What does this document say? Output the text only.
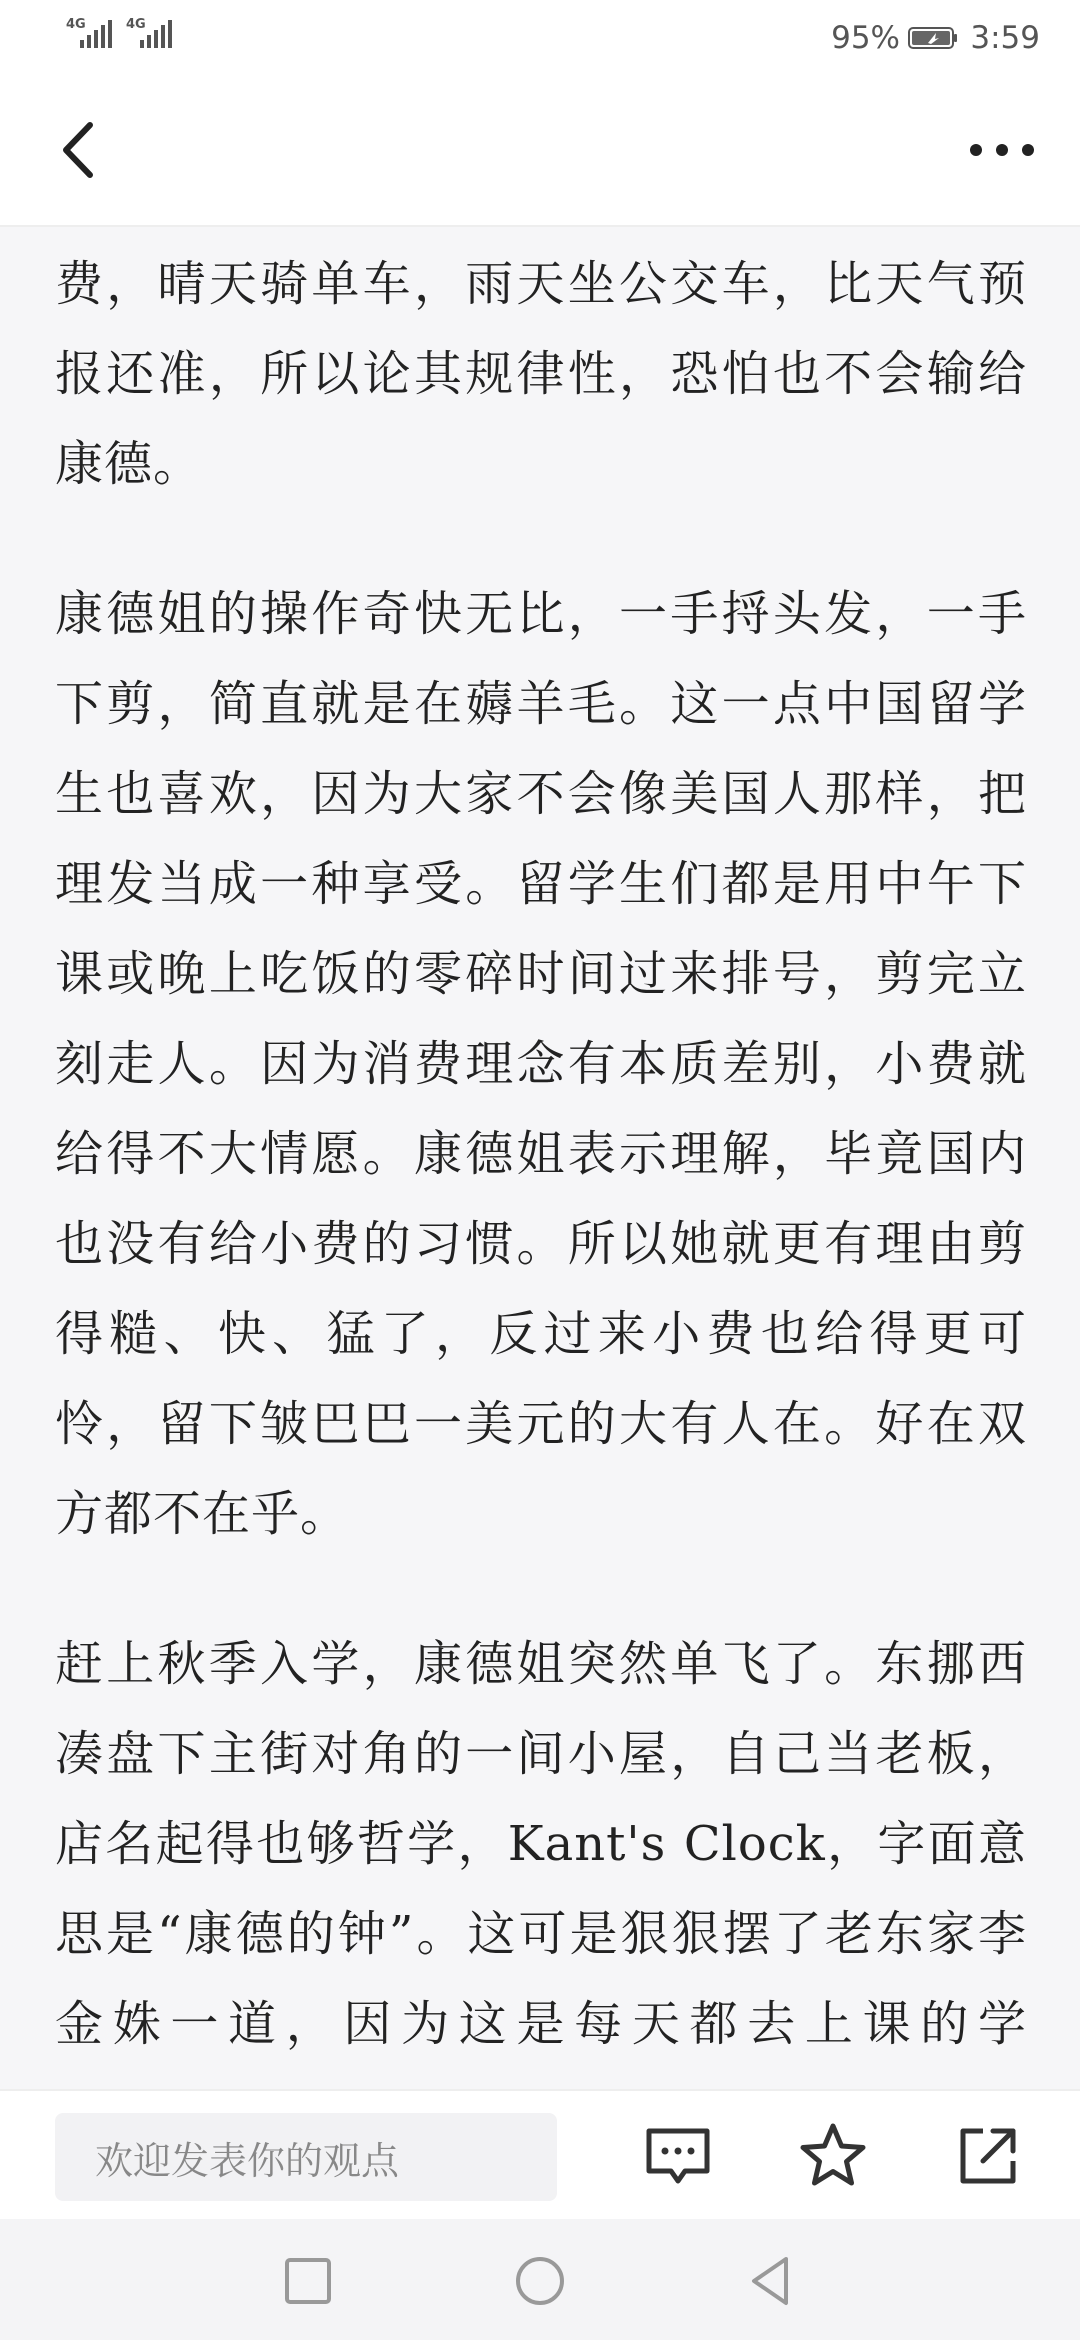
4G	4G	95% 3:59

费，晴天骑单车，雨天坐公交车，比天气预报还准，所以论其规律性，恐怕也不会输给康德。

康德姐的操作奇快无比，一手捋头发，一手下剪，简直就是在薅羊毛。这一点中国留学生也喜欢，因为大家不会像美国人那样，把理发当成一种享受。留学生们都是用中午下课或晚上吃饭的零碎时间过来排号，剪完立刻走人。因为消费理念有本质差别，小费就给得不大情愿。康德姐表示理解，毕竟国内也没有给小费的习惯。所以她就更有理由剪得糙、快、猛了，反过来小费也给得更可怜，留下皱巴巴一美元的大有人在。好在双方都不在乎。

赶上秋季入学，康德姐突然单飞了。东挪西凑盘下主街对角的一间小屋，自己当老板，店名起得也够哲学，Kant's Clock，字面意思是“康德的钟”。这可是狠狠摆了老东家李金姝一道，因为这是每天都去上课的学

欢迎发表你的观点
